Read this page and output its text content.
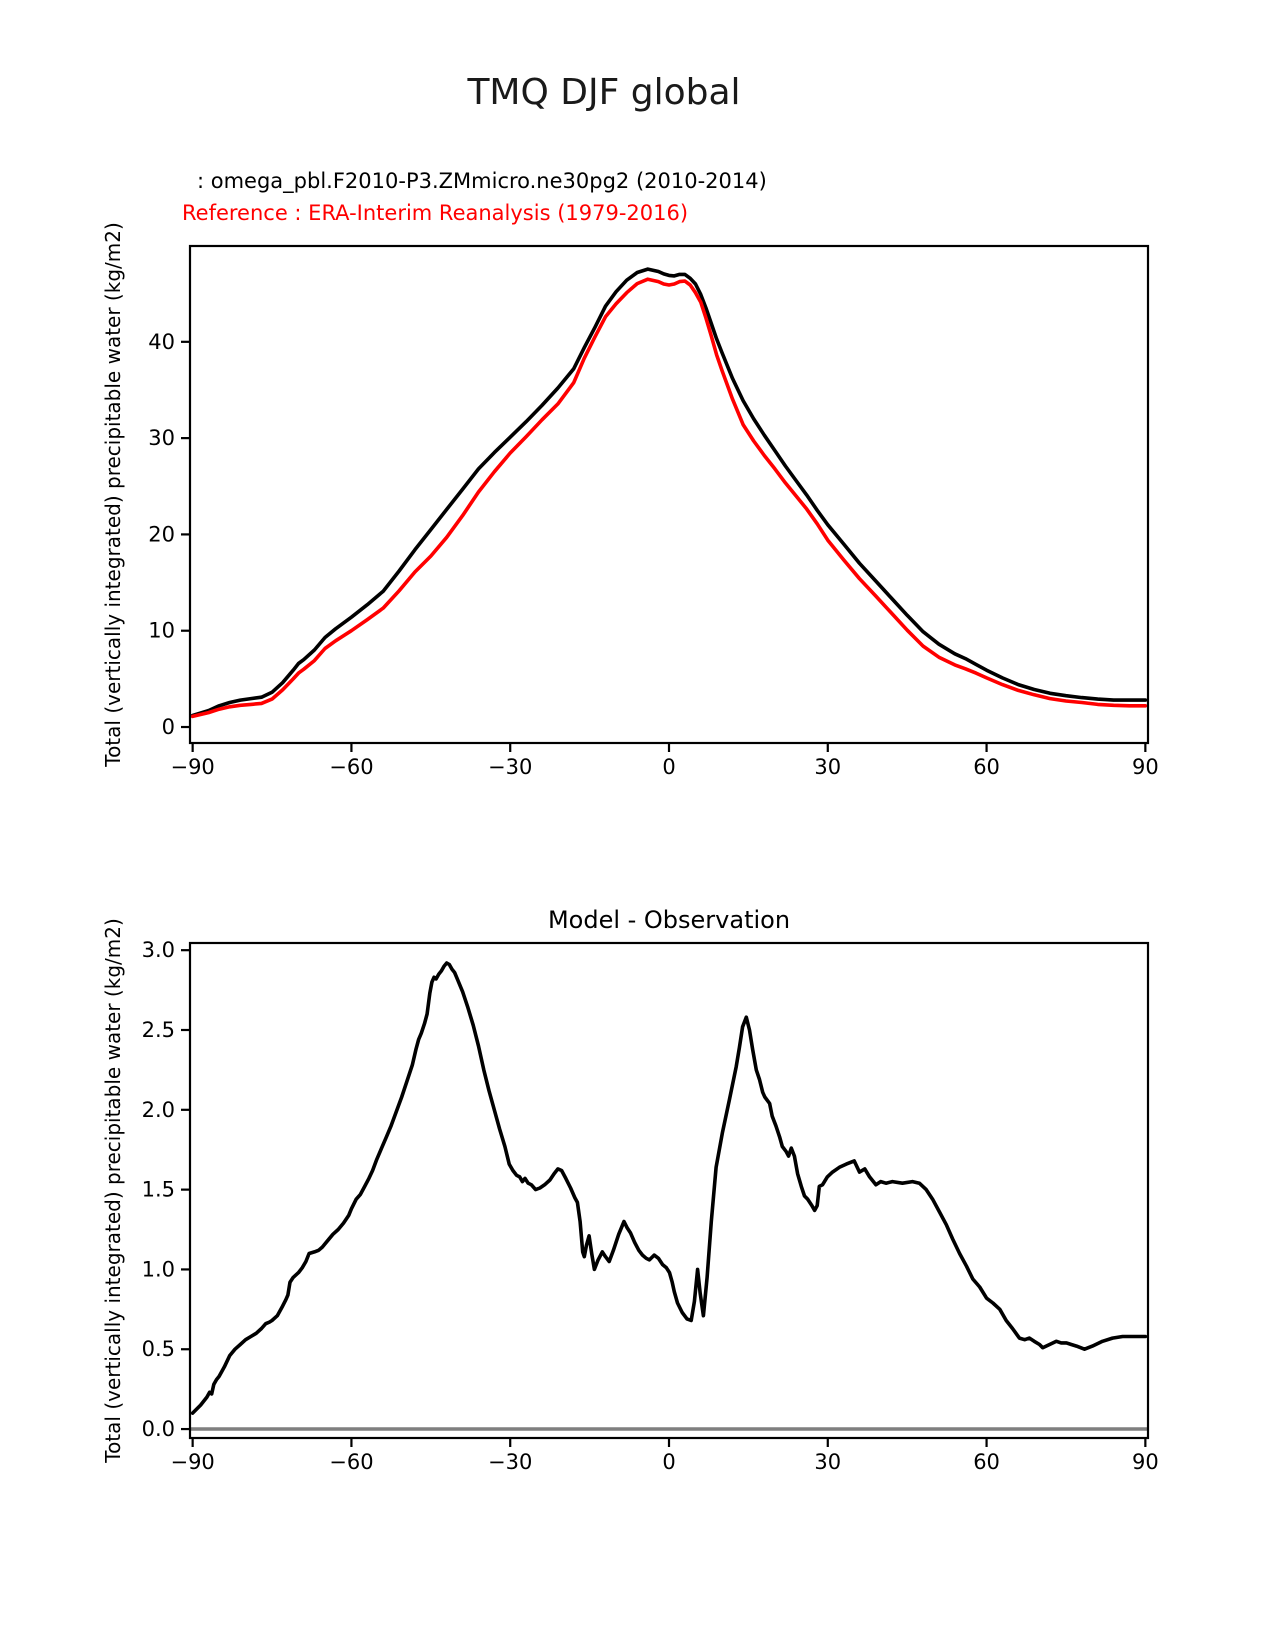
TMQ DJF global
: omega_pbl.F2010-P3.ZMmicro.ne30pg2 (2010-2014)
Reference : ERA-Interim Reanalysis (1979-2016)
−90	−60	−30	0	30	60	90
0
10
20
30
40
Total (vertically integrated) precipitable water (kg/m2)
−90	−60	−30	0	30	60	90
0.0
0.5
1.0
1.5
2.0
2.5
3.0
Model - Observation
Total (vertically integrated) precipitable water (kg/m2)
